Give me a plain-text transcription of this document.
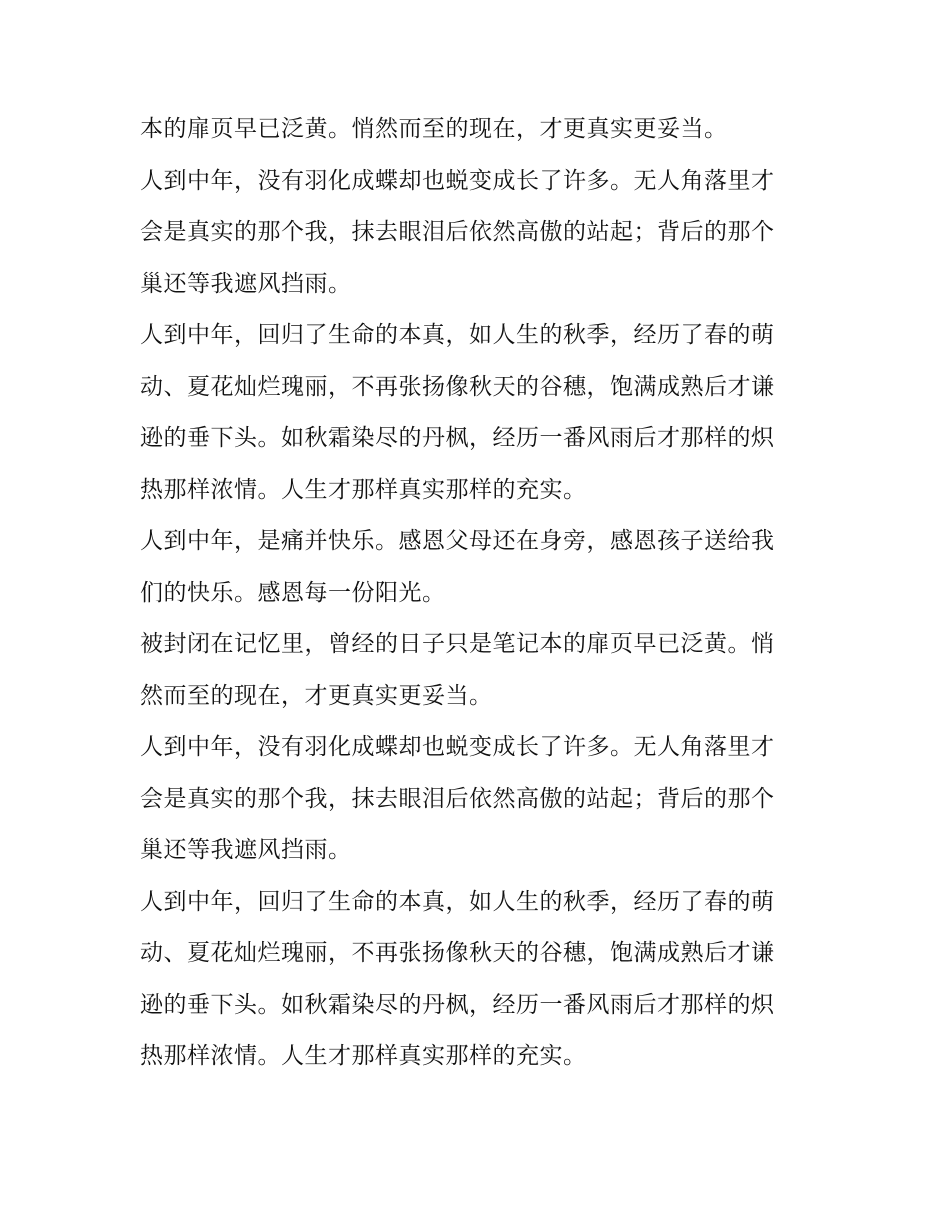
本的扉页早已泛黄。悄然而至的现在，才更真实更妥当。
人到中年，没有羽化成蝶却也蜕变成长了许多。无人角落里才
会是真实的那个我，抹去眼泪后依然高傲的站起；背后的那个
巢还等我遮风挡雨。
人到中年，回归了生命的本真，如人生的秋季，经历了春的萌
动、夏花灿烂瑰丽，不再张扬像秋天的谷穗，饱满成熟后才谦
逊的垂下头。如秋霜染尽的丹枫，经历一番风雨后才那样的炽
热那样浓情。人生才那样真实那样的充实。
人到中年，是痛并快乐。感恩父母还在身旁，感恩孩子送给我
们的快乐。感恩每一份阳光。
被封闭在记忆里，曾经的日子只是笔记本的扉页早已泛黄。悄
然而至的现在，才更真实更妥当。
人到中年，没有羽化成蝶却也蜕变成长了许多。无人角落里才
会是真实的那个我，抹去眼泪后依然高傲的站起；背后的那个
巢还等我遮风挡雨。
人到中年，回归了生命的本真，如人生的秋季，经历了春的萌
动、夏花灿烂瑰丽，不再张扬像秋天的谷穗，饱满成熟后才谦
逊的垂下头。如秋霜染尽的丹枫，经历一番风雨后才那样的炽
热那样浓情。人生才那样真实那样的充实。
